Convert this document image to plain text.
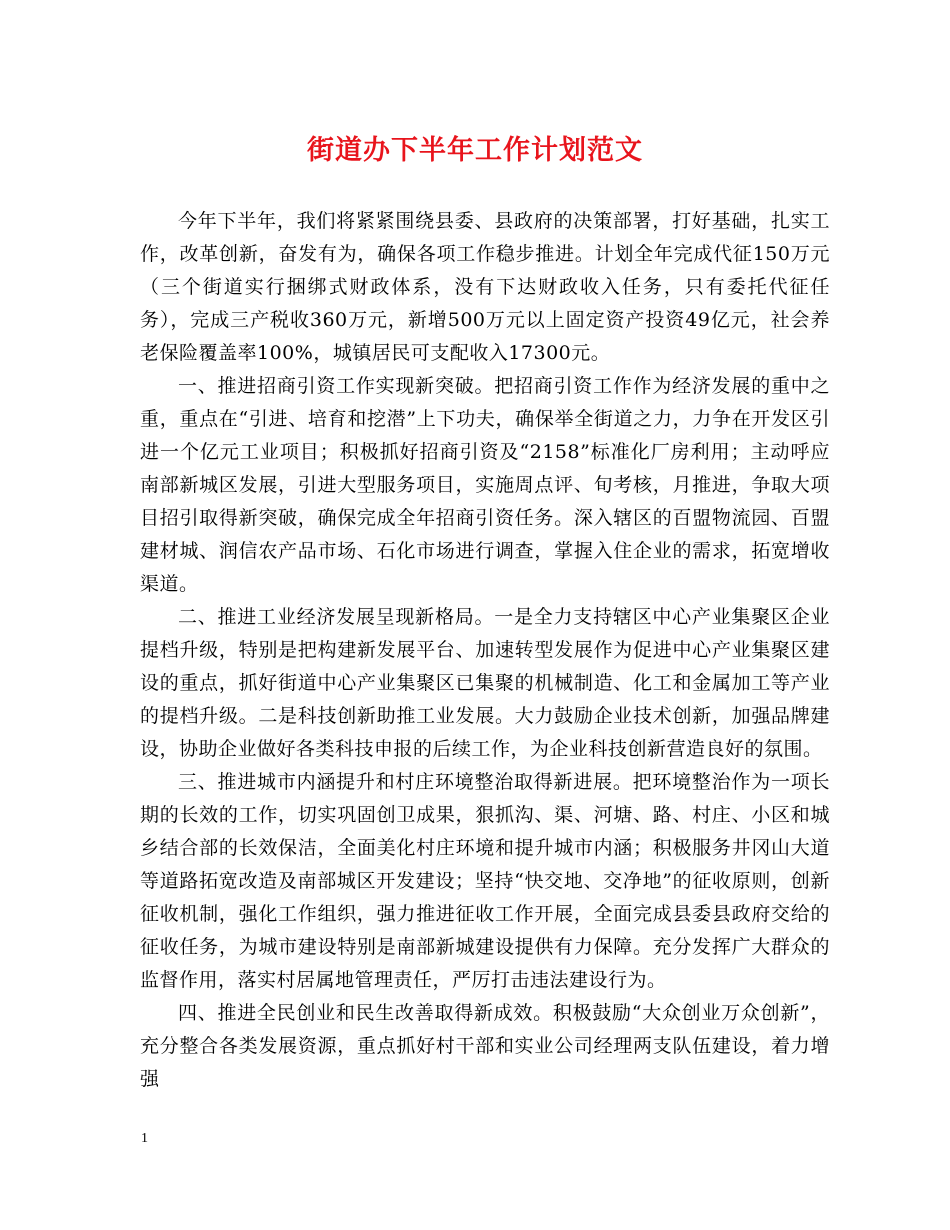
街道办下半年工作计划范文

今年下半年，我们将紧紧围绕县委、县政府的决策部署，打好基础，扎实工作，改革创新，奋发有为，确保各项工作稳步推进。计划全年完成代征150万元（三个街道实行捆绑式财政体系，没有下达财政收入任务，只有委托代征任务），完成三产税收360万元，新增500万元以上固定资产投资49亿元，社会养老保险覆盖率100%，城镇居民可支配收入17300元。

一、推进招商引资工作实现新突破。把招商引资工作作为经济发展的重中之重，重点在“引进、培育和挖潜”上下功夫，确保举全街道之力，力争在开发区引进一个亿元工业项目；积极抓好招商引资及“2158”标准化厂房利用；主动呼应南部新城区发展，引进大型服务项目，实施周点评、旬考核，月推进，争取大项目招引取得新突破，确保完成全年招商引资任务。深入辖区的百盟物流园、百盟建材城、润信农产品市场、石化市场进行调查，掌握入住企业的需求，拓宽增收渠道。

二、推进工业经济发展呈现新格局。一是全力支持辖区中心产业集聚区企业提档升级，特别是把构建新发展平台、加速转型发展作为促进中心产业集聚区建设的重点，抓好街道中心产业集聚区已集聚的机械制造、化工和金属加工等产业的提档升级。二是科技创新助推工业发展。大力鼓励企业技术创新，加强品牌建设，协助企业做好各类科技申报的后续工作，为企业科技创新营造良好的氛围。

三、推进城市内涵提升和村庄环境整治取得新进展。把环境整治作为一项长期的长效的工作，切实巩固创卫成果，狠抓沟、渠、河塘、路、村庄、小区和城乡结合部的长效保洁，全面美化村庄环境和提升城市内涵；积极服务井冈山大道等道路拓宽改造及南部城区开发建设；坚持“快交地、交净地”的征收原则，创新征收机制，强化工作组织，强力推进征收工作开展，全面完成县委县政府交给的征收任务，为城市建设特别是南部新城建设提供有力保障。充分发挥广大群众的监督作用，落实村居属地管理责任，严厉打击违法建设行为。

四、推进全民创业和民生改善取得新成效。积极鼓励“大众创业万众创新”，充分整合各类发展资源，重点抓好村干部和实业公司经理两支队伍建设，着力增强

1
